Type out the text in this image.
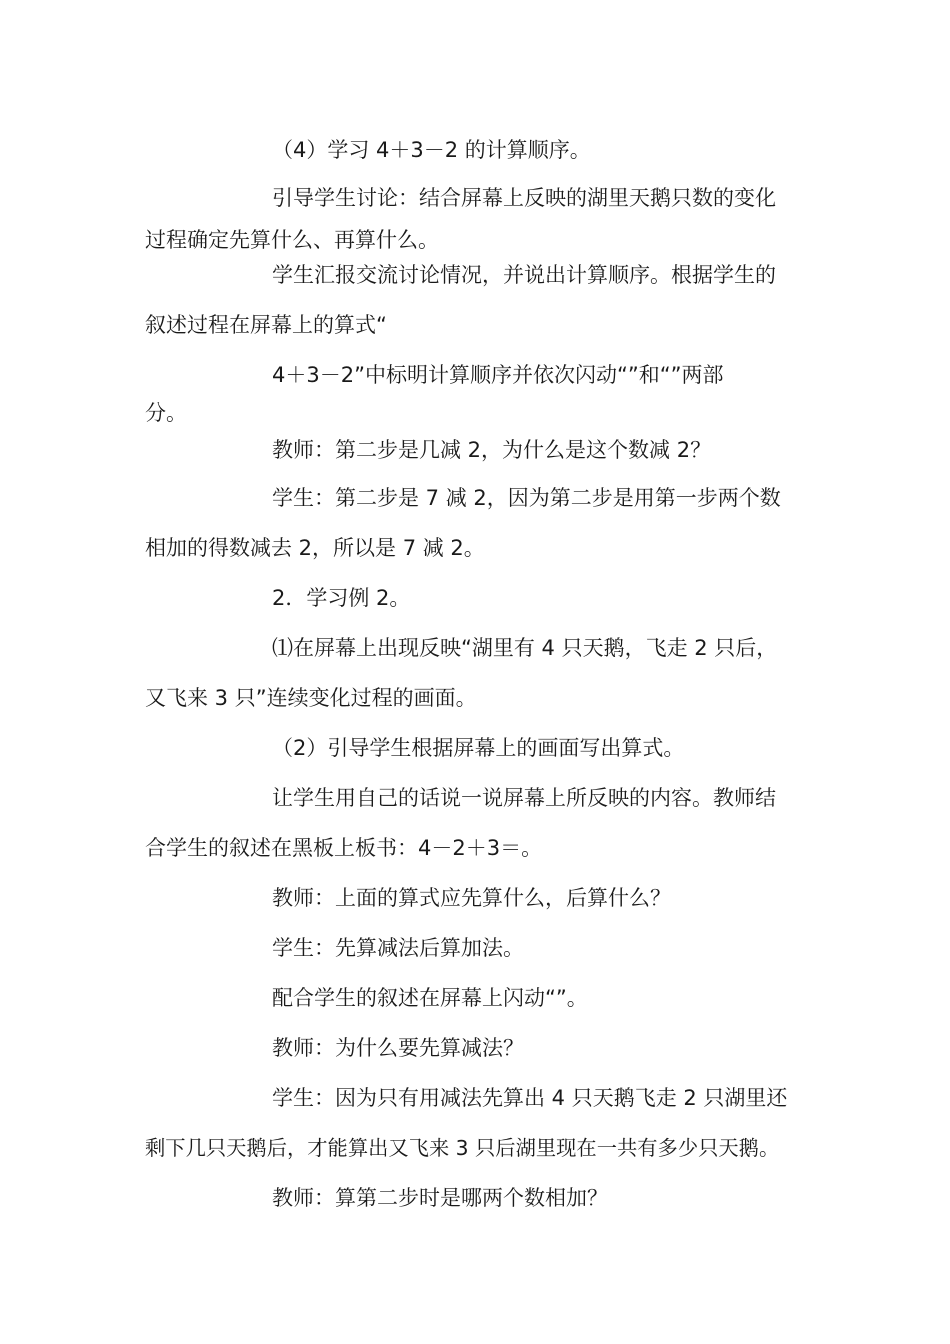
（4）学习 4＋3－2 的计算顺序。

引导学生讨论：结合屏幕上反映的湖里天鹅只数的变化

过程确定先算什么、再算什么。

学生汇报交流讨论情况，并说出计算顺序。根据学生的

叙述过程在屏幕上的算式“

4＋3－2”中标明计算顺序并依次闪动“”和“”两部

分。

教师：第二步是几减 2，为什么是这个数减 2？

学生：第二步是 7 减 2，因为第二步是用第一步两个数

相加的得数减去 2，所以是 7 减 2。

2．学习例 2。

⑴在屏幕上出现反映“湖里有 4 只天鹅，飞走 2 只后，

又飞来 3 只”连续变化过程的画面。

（2）引导学生根据屏幕上的画面写出算式。

让学生用自己的话说一说屏幕上所反映的内容。教师结

合学生的叙述在黑板上板书：4－2＋3＝。

教师：上面的算式应先算什么，后算什么？

学生：先算减法后算加法。

配合学生的叙述在屏幕上闪动“”。

教师：为什么要先算减法？

学生：因为只有用减法先算出 4 只天鹅飞走 2 只湖里还

剩下几只天鹅后，才能算出又飞来 3 只后湖里现在一共有多少只天鹅。

教师：算第二步时是哪两个数相加？
